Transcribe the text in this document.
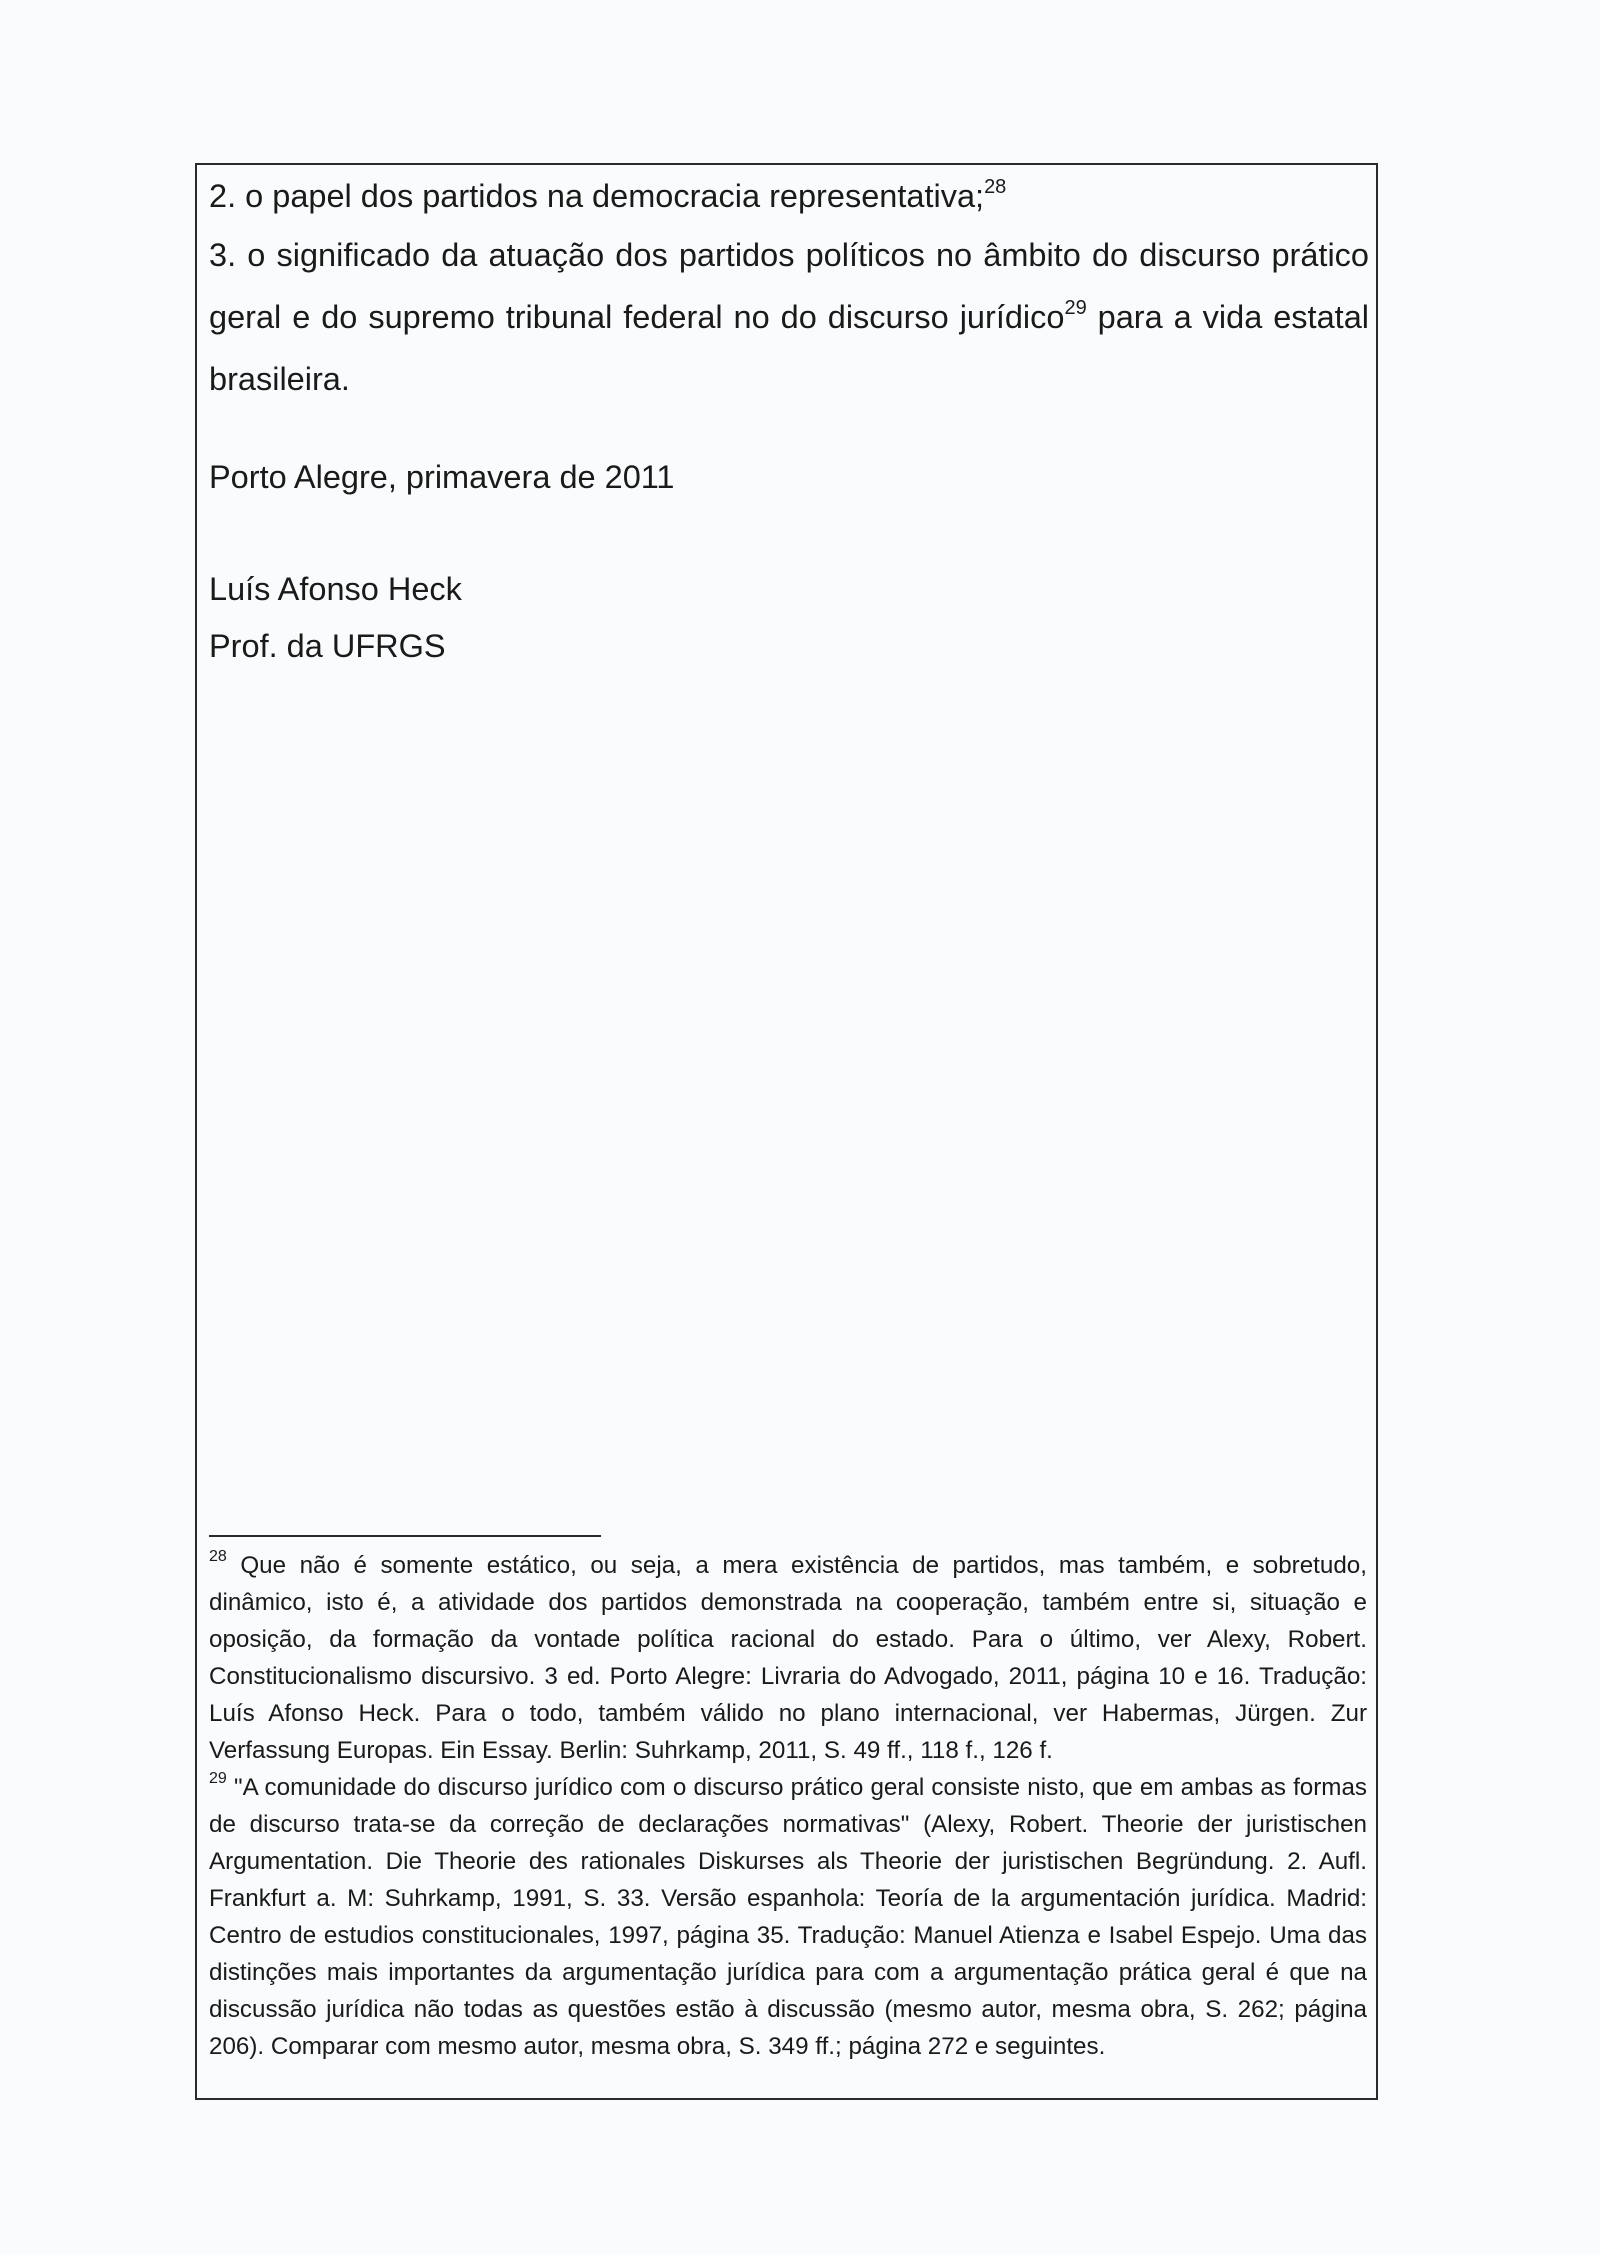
2. o papel dos partidos na democracia representativa;$^{28}$

3. o significado da atuação dos partidos políticos no âmbito do discurso prático geral e do supremo tribunal federal no do discurso jurídico$^{29}$ para a vida estatal brasileira.

Porto Alegre, primavera de 2011
Luís Afonso Heck
Prof. da UFRGS

$^{28}$ Que não é somente estático, ou seja, a mera existência de partidos, mas também, e sobretudo, dinâmico, isto é, a atividade dos partidos demonstrada na cooperação, também entre si, situação e oposição, da formação da vontade política racional do estado. Para o último, ver Alexy, Robert. Constitucionalismo discursivo. 3 ed. Porto Alegre: Livraria do Advogado, 2011, página 10 e 16. Tradução: Luís Afonso Heck. Para o todo, também válido no plano internacional, ver Habermas, Jürgen. Zur Verfassung Europas. Ein Essay. Berlin: Suhrkamp, 2011, S. 49 ff., 118 f., 126 f.

$^{29}$ "A comunidade do discurso jurídico com o discurso prático geral consiste nisto, que em ambas as formas de discurso trata-se da correção de declarações normativas" (Alexy, Robert. Theorie der juristischen Argumentation. Die Theorie des rationales Diskurses als Theorie der juristischen Begründung. 2. Aufl. Frankfurt a. M: Suhrkamp, 1991, S. 33. Versão espanhola: Teoría de la argumentación jurídica. Madrid: Centro de estudios constitucionales, 1997, página 35. Tradução: Manuel Atienza e Isabel Espejo. Uma das distinções mais importantes da argumentação jurídica para com a argumentação prática geral é que na discussão jurídica não todas as questões estão à discussão (mesmo autor, mesma obra, S. 262; página 206). Comparar com mesmo autor, mesma obra, S. 349 ff.; página 272 e seguintes.
